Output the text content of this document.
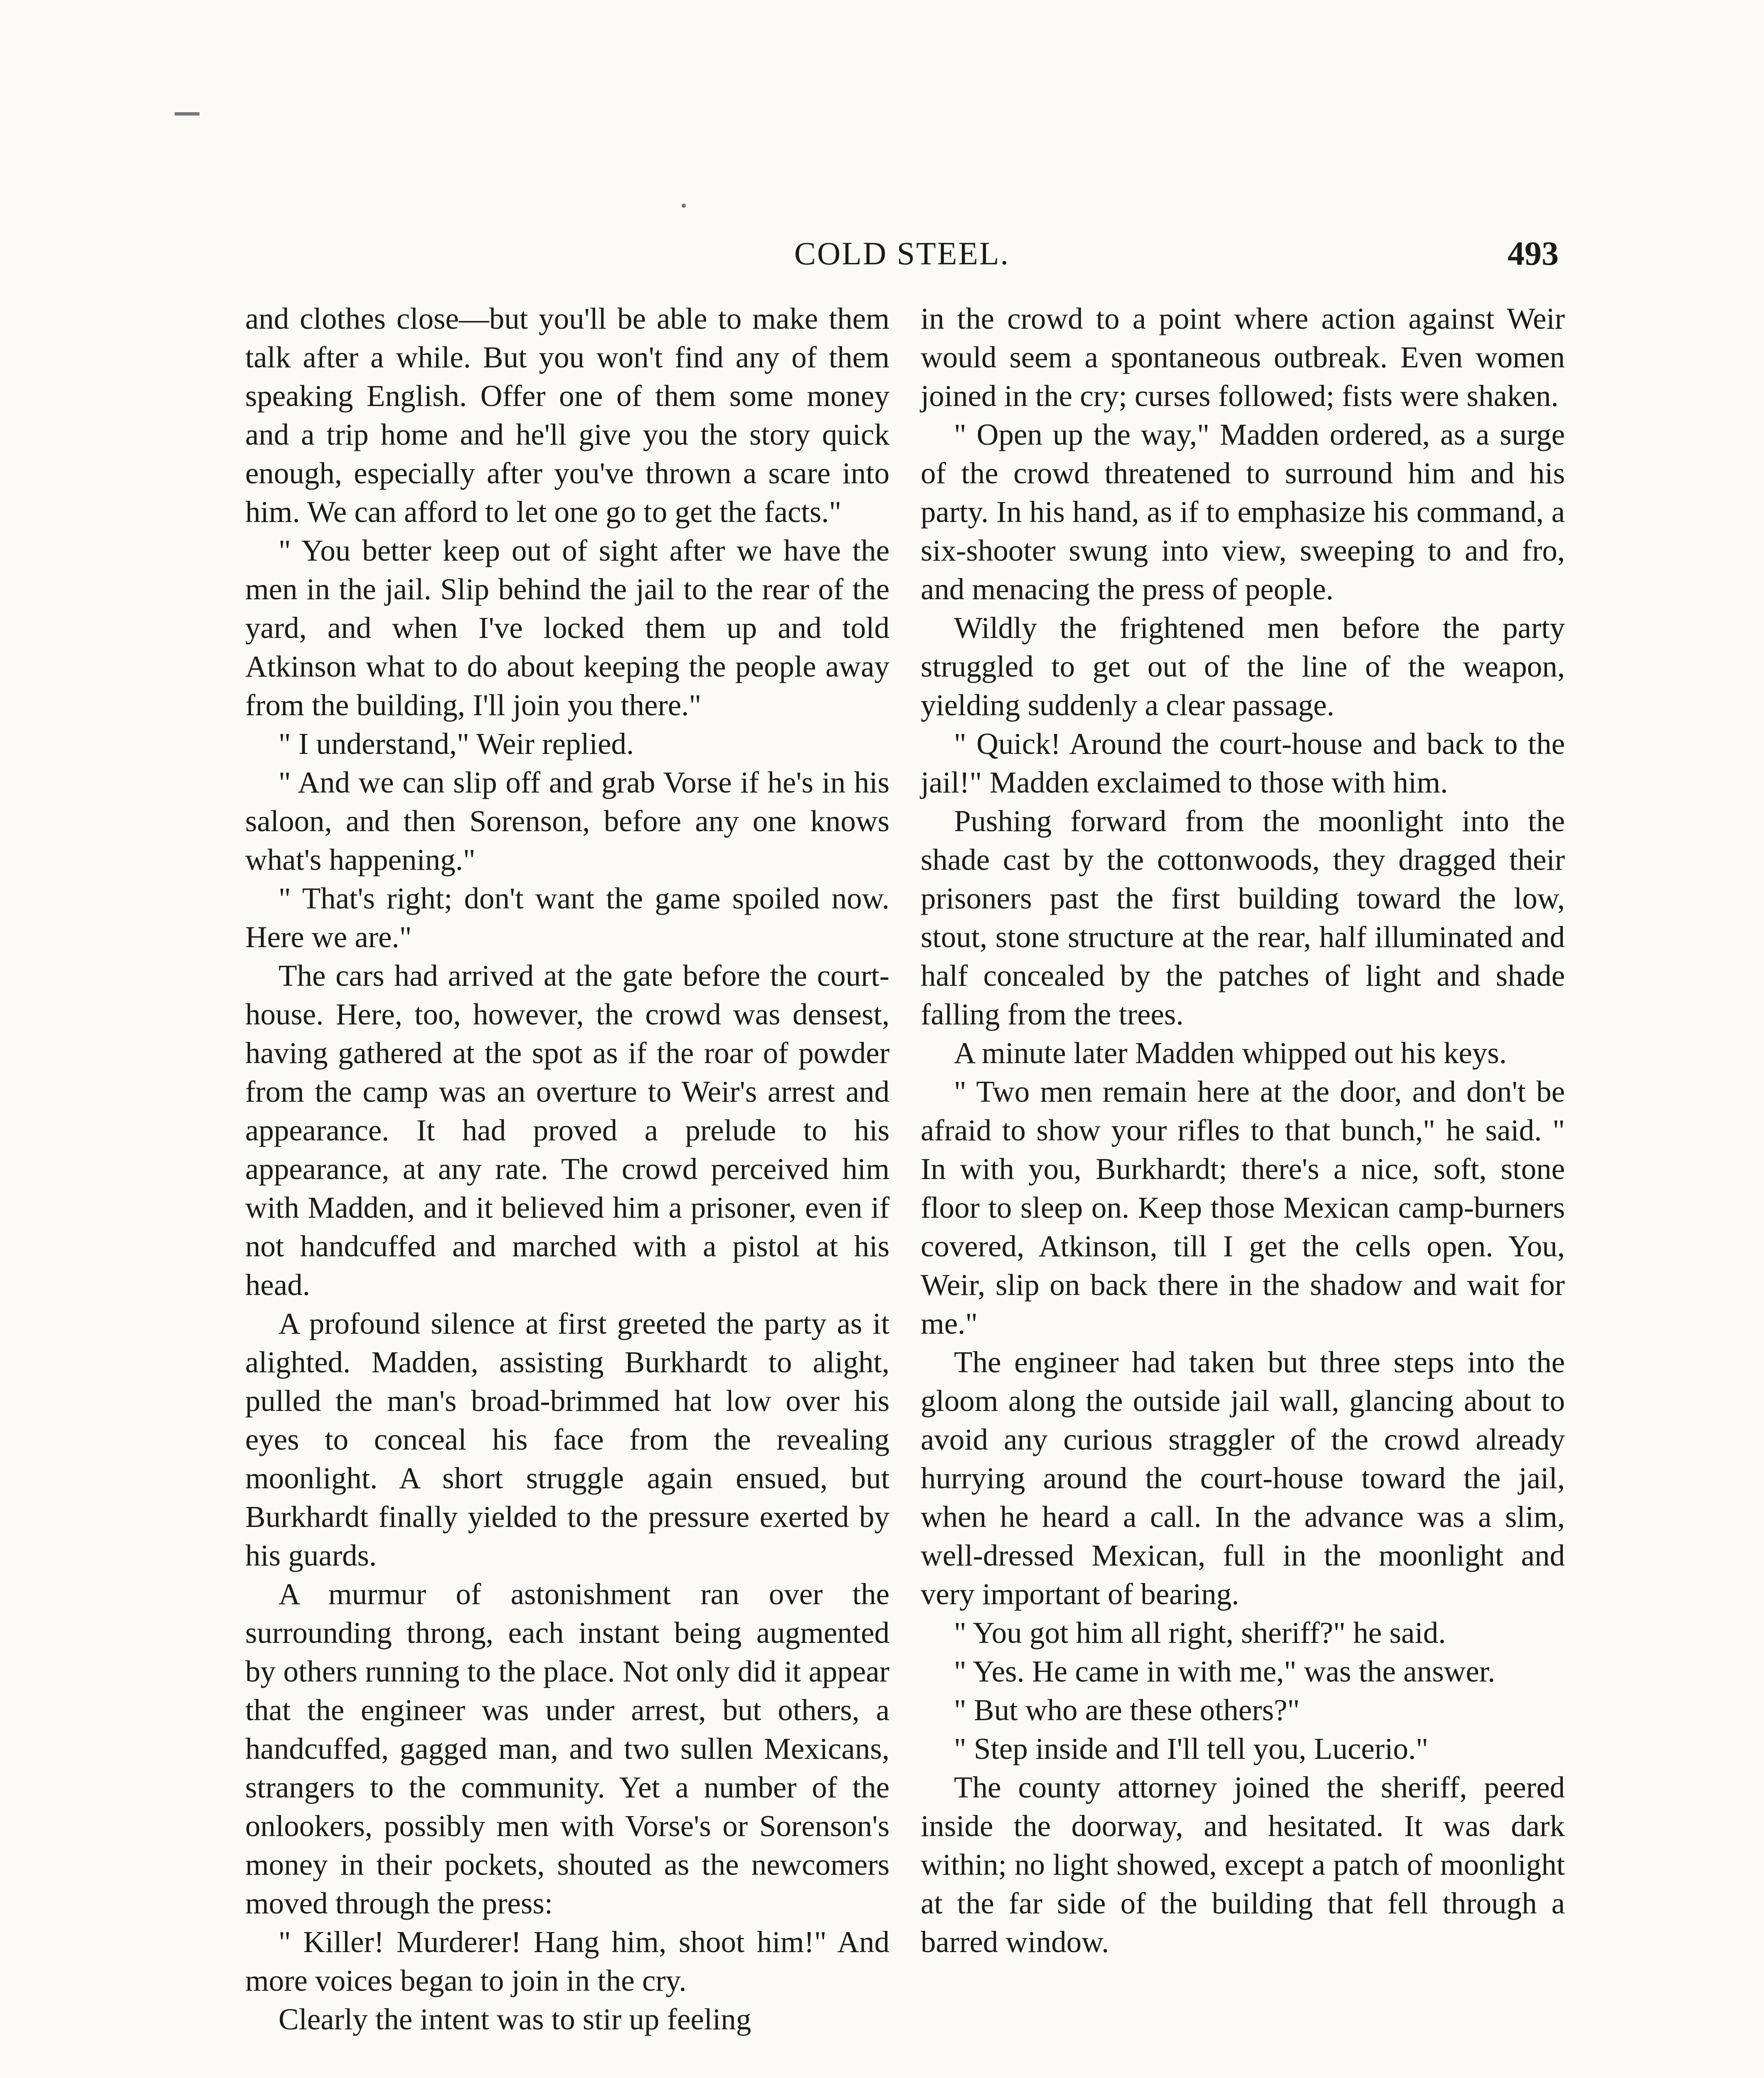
COLD STEEL.	493

and clothes close—but you'll be able to make them talk after a while. But you won't find any of them speaking English. Offer one of them some money and a trip home and he'll give you the story quick enough, especially after you've thrown a scare into him. We can afford to let one go to get the facts."

" You better keep out of sight after we have the men in the jail. Slip behind the jail to the rear of the yard, and when I've locked them up and told Atkinson what to do about keeping the people away from the building, I'll join you there."

" I understand," Weir replied.

" And we can slip off and grab Vorse if he's in his saloon, and then Sorenson, before any one knows what's happening."

" That's right; don't want the game spoiled now. Here we are."

The cars had arrived at the gate before the court-house. Here, too, however, the crowd was densest, having gathered at the spot as if the roar of powder from the camp was an overture to Weir's arrest and appearance. It had proved a prelude to his appearance, at any rate. The crowd perceived him with Madden, and it believed him a prisoner, even if not handcuffed and marched with a pistol at his head.

A profound silence at first greeted the party as it alighted. Madden, assisting Burkhardt to alight, pulled the man's broad-brimmed hat low over his eyes to conceal his face from the revealing moonlight. A short struggle again ensued, but Burkhardt finally yielded to the pressure exerted by his guards.

A murmur of astonishment ran over the surrounding throng, each instant being augmented by others running to the place. Not only did it appear that the engineer was under arrest, but others, a handcuffed, gagged man, and two sullen Mexicans, strangers to the community. Yet a number of the onlookers, possibly men with Vorse's or Sorenson's money in their pockets, shouted as the newcomers moved through the press:

" Killer! Murderer! Hang him, shoot him!" And more voices began to join in the cry.

Clearly the intent was to stir up feeling

in the crowd to a point where action against Weir would seem a spontaneous outbreak. Even women joined in the cry; curses followed; fists were shaken.

" Open up the way," Madden ordered, as a surge of the crowd threatened to surround him and his party. In his hand, as if to emphasize his command, a six-shooter swung into view, sweeping to and fro, and menacing the press of people.

Wildly the frightened men before the party struggled to get out of the line of the weapon, yielding suddenly a clear passage.

" Quick! Around the court-house and back to the jail!" Madden exclaimed to those with him.

Pushing forward from the moonlight into the shade cast by the cottonwoods, they dragged their prisoners past the first building toward the low, stout, stone structure at the rear, half illuminated and half concealed by the patches of light and shade falling from the trees.

A minute later Madden whipped out his keys.

" Two men remain here at the door, and don't be afraid to show your rifles to that bunch," he said. " In with you, Burkhardt; there's a nice, soft, stone floor to sleep on. Keep those Mexican camp-burners covered, Atkinson, till I get the cells open. You, Weir, slip on back there in the shadow and wait for me."

The engineer had taken but three steps into the gloom along the outside jail wall, glancing about to avoid any curious straggler of the crowd already hurrying around the court-house toward the jail, when he heard a call. In the advance was a slim, well-dressed Mexican, full in the moonlight and very important of bearing.

" You got him all right, sheriff?" he said.

" Yes. He came in with me," was the answer.

" But who are these others?"

" Step inside and I'll tell you, Lucerio."

The county attorney joined the sheriff, peered inside the doorway, and hesitated. It was dark within; no light showed, except a patch of moonlight at the far side of the building that fell through a barred window.
